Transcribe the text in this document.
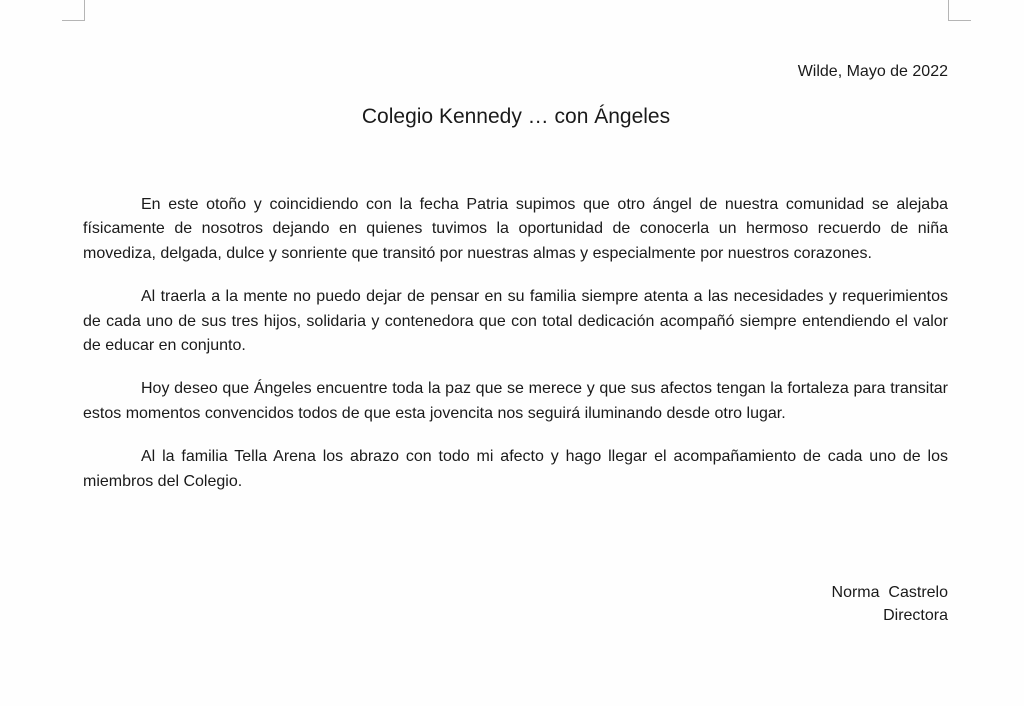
Wilde, Mayo de 2022
Colegio Kennedy … con Ángeles

En este otoño y coincidiendo con la fecha Patria supimos que otro ángel de nuestra comunidad se alejaba físicamente de nosotros dejando en quienes tuvimos la oportunidad de conocerla un hermoso recuerdo de niña movediza, delgada, dulce y sonriente que transitó por nuestras almas y especialmente por nuestros corazones.

Al traerla a la mente no puedo dejar de pensar en su familia siempre atenta a las necesidades y requerimientos de cada uno de sus tres hijos, solidaria y contenedora que con total dedicación acompañó siempre entendiendo el valor de educar en conjunto.

Hoy deseo que Ángeles encuentre toda la paz que se merece y que sus afectos tengan la fortaleza para transitar estos momentos convencidos todos de que esta jovencita nos seguirá iluminando desde otro lugar.

Al la familia Tella Arena los abrazo con todo mi afecto y hago llegar el acompañamiento de cada uno de los miembros del Colegio.

Norma  Castrelo
Directora
